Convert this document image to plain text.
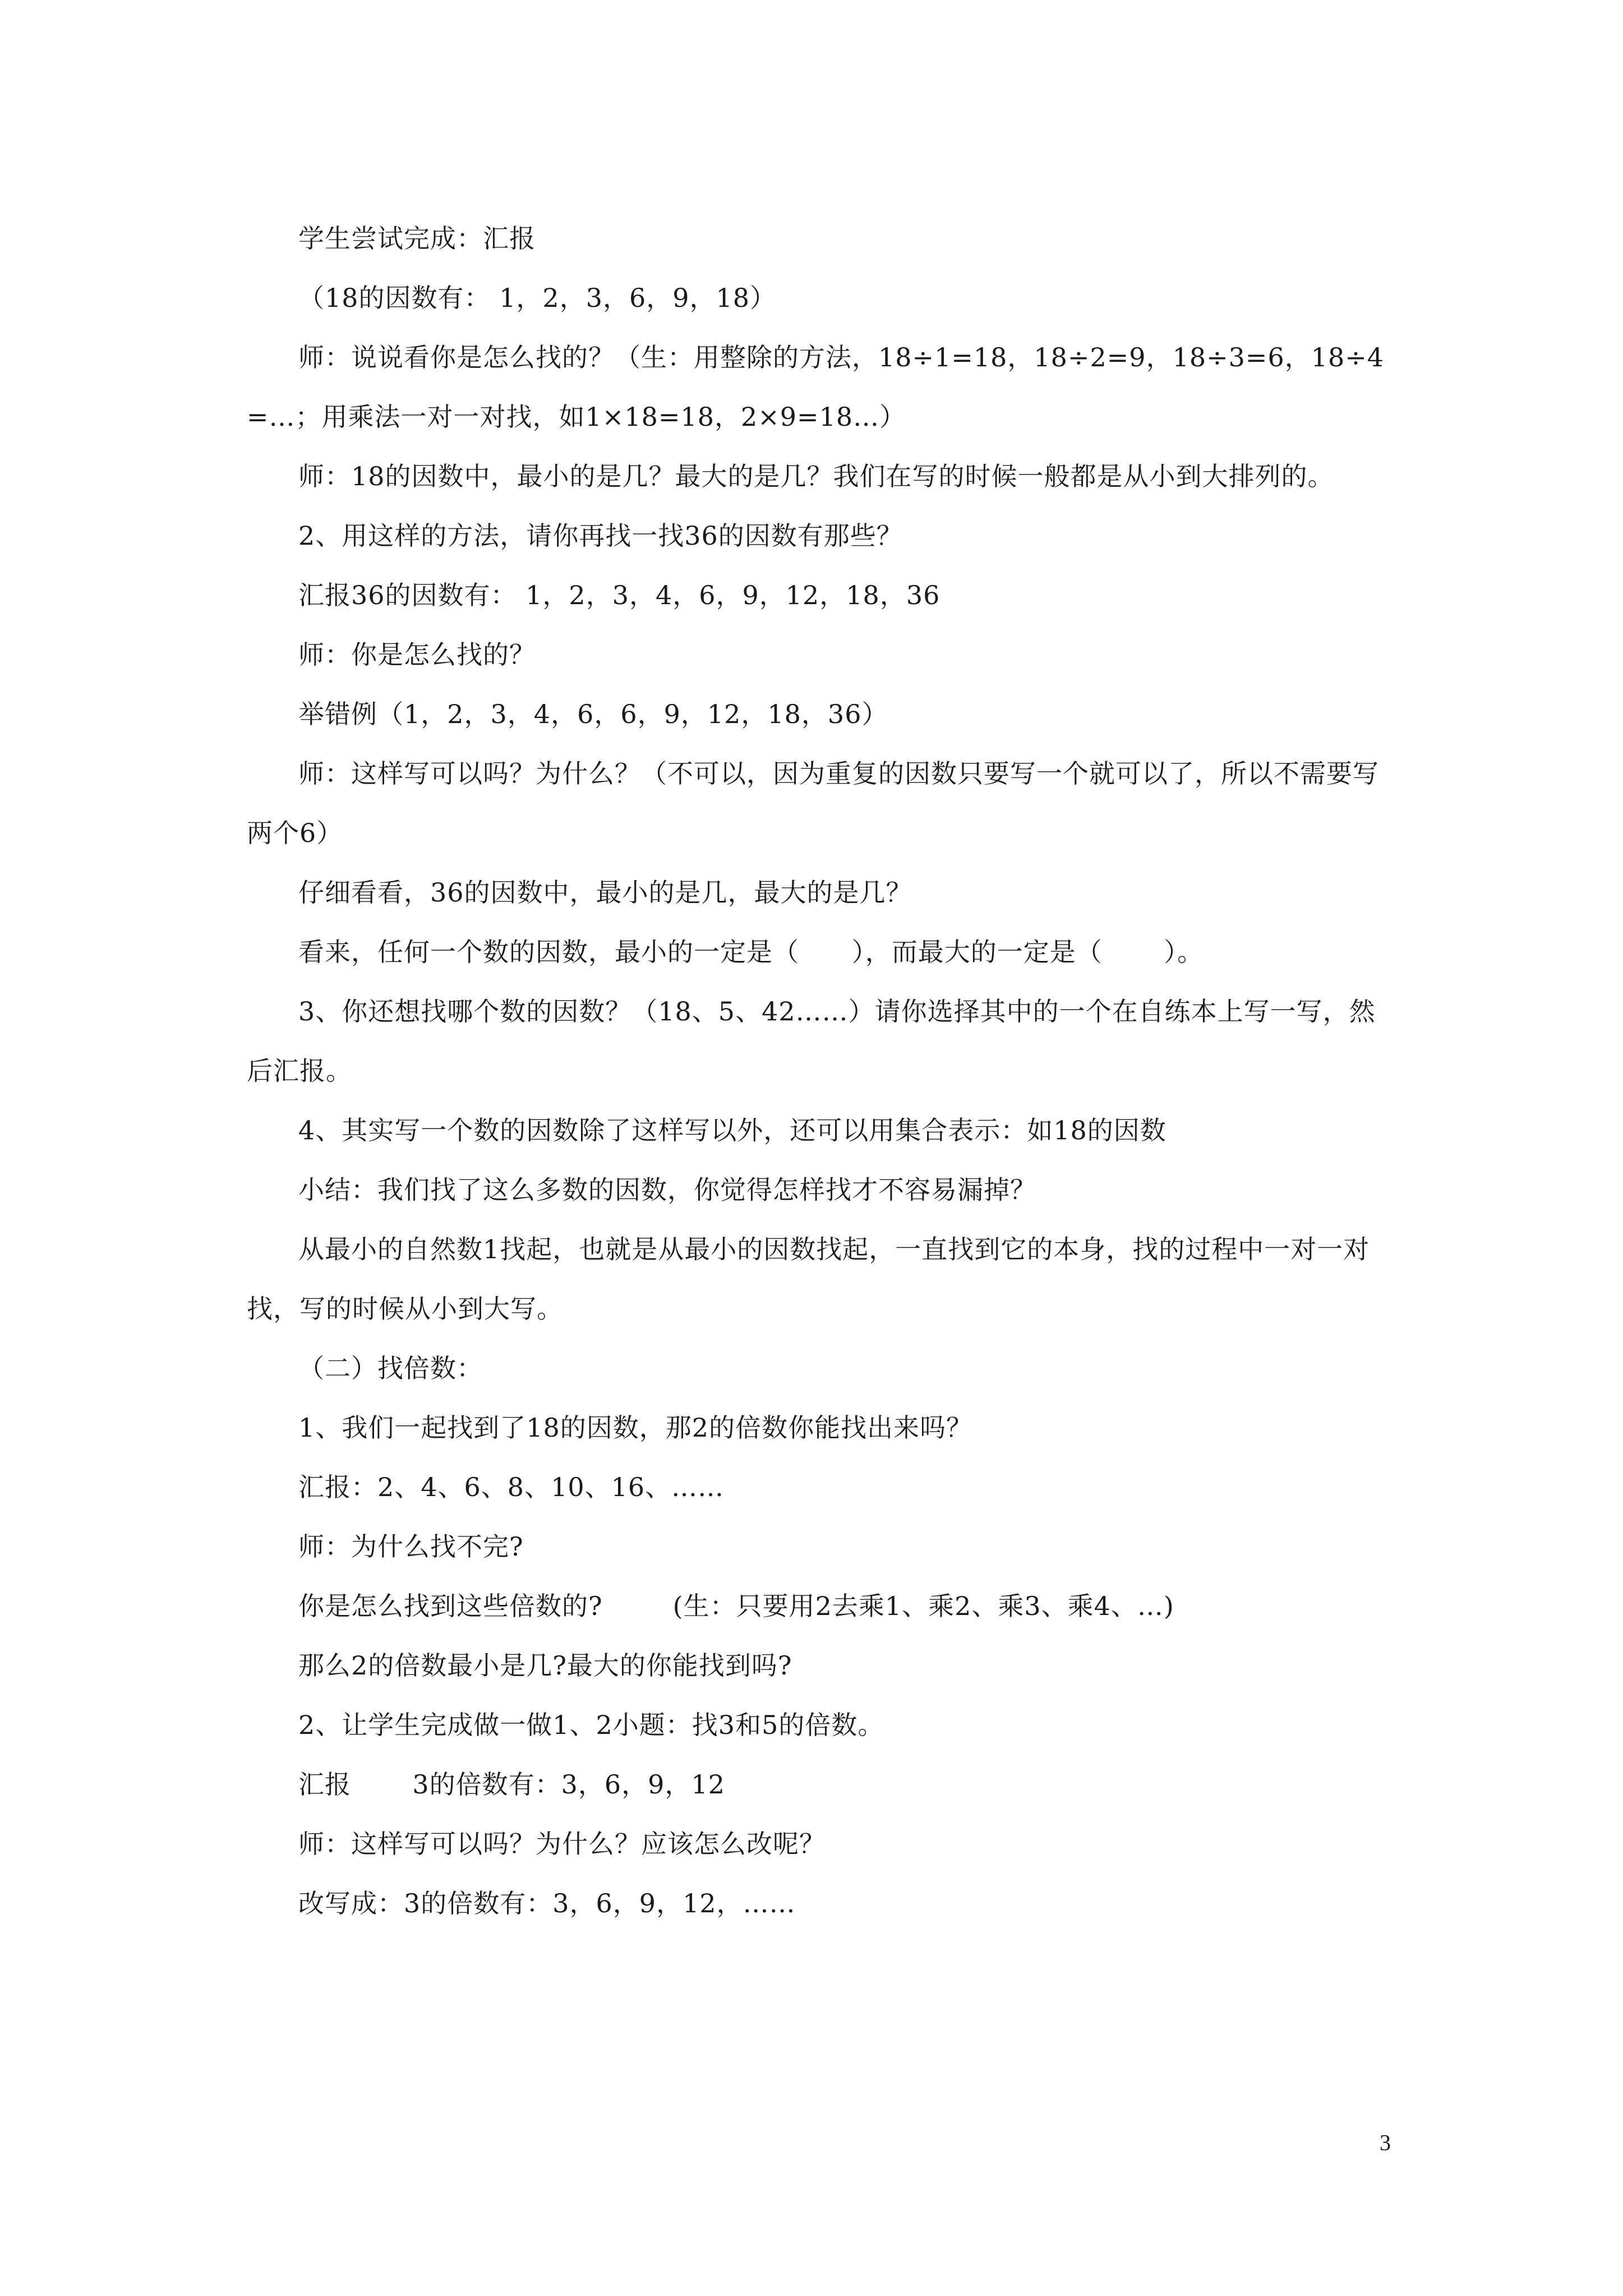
学生尝试完成：汇报

（18的因数有： 1，2，3，6，9，18）

师：说说看你是怎么找的？（生：用整除的方法，18÷1=18，18÷2=9，18÷3=6，18÷4=…；用乘法一对一对找，如1×18=18，2×9=18…）

师：18的因数中，最小的是几？最大的是几？我们在写的时候一般都是从小到大排列的。

2、用这样的方法，请你再找一找36的因数有那些？

汇报36的因数有： 1，2，3，4，6，9，12，18，36

师：你是怎么找的？

举错例（1，2，3，4，6，6，9，12，18，36）

师：这样写可以吗？为什么？（不可以，因为重复的因数只要写一个就可以了，所以不需要写两个6）

仔细看看，36的因数中，最小的是几，最大的是几？

看来，任何一个数的因数，最小的一定是（      ），而最大的一定是（       ）。

3、你还想找哪个数的因数？（18、5、42……）请你选择其中的一个在自练本上写一写，然后汇报。

4、其实写一个数的因数除了这样写以外，还可以用集合表示：如18的因数

小结：我们找了这么多数的因数，你觉得怎样找才不容易漏掉？

从最小的自然数1找起，也就是从最小的因数找起，一直找到它的本身，找的过程中一对一对找，写的时候从小到大写。

（二）找倍数：

1、我们一起找到了18的因数，那2的倍数你能找出来吗？

汇报：2、4、6、8、10、16、……

师：为什么找不完?

你是怎么找到这些倍数的?        (生：只要用2去乘1、乘2、乘3、乘4、…)

那么2的倍数最小是几?最大的你能找到吗?

2、让学生完成做一做1、2小题：找3和5的倍数。

汇报       3的倍数有：3，6，9，12

师：这样写可以吗？为什么？应该怎么改呢？

改写成：3的倍数有：3，6，9，12，……

3
